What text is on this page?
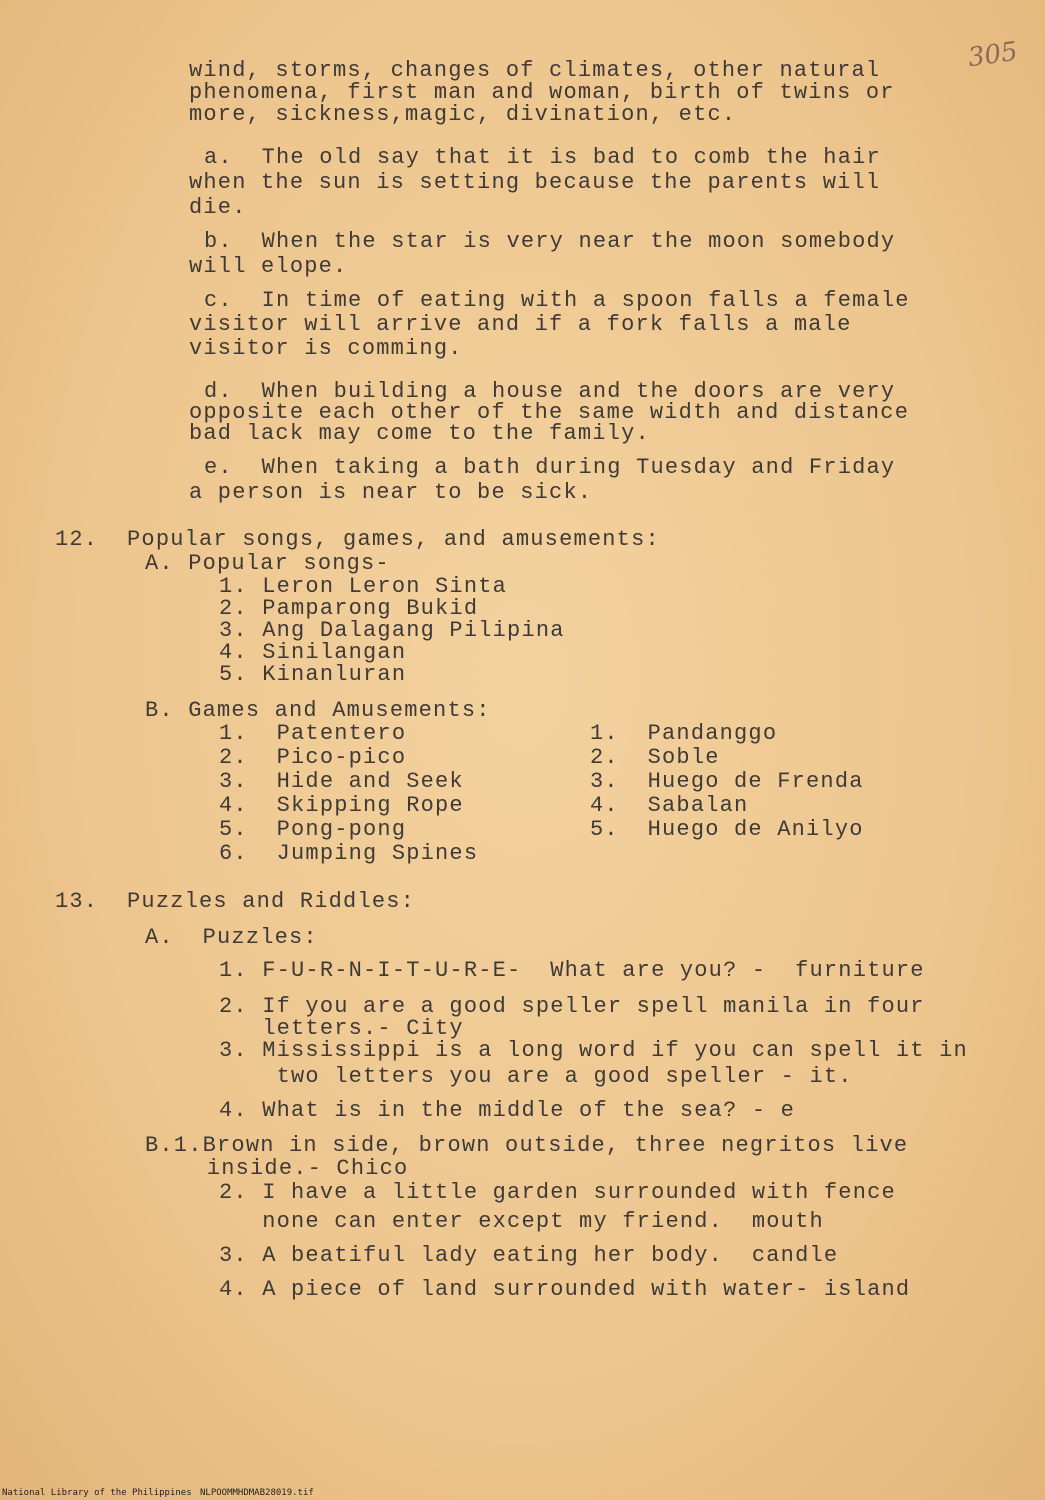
305
wind, storms, changes of climates, other natural
phenomena, first man and woman, birth of twins or
more, sickness,magic, divination, etc.
a.  The old say that it is bad to comb the hair
when the sun is setting because the parents will
die.
b.  When the star is very near the moon somebody
will elope.
c.  In time of eating with a spoon falls a female
visitor will arrive and if a fork falls a male
visitor is comming.
d.  When building a house and the doors are very
opposite each other of the same width and distance
bad lack may come to the family.
e.  When taking a bath during Tuesday and Friday
a person is near to be sick.
12.  Popular songs, games, and amusements:
A. Popular songs-
1. Leron Leron Sinta
2. Pamparong Bukid
3. Ang Dalagang Pilipina
4. Sinilangan
5. Kinanluran
B. Games and Amusements:
1.  Patentero
2.  Pico-pico
3.  Hide and Seek
4.  Skipping Rope
5.  Pong-pong
6.  Jumping Spines
1.  Pandanggo
2.  Soble
3.  Huego de Frenda
4.  Sabalan
5.  Huego de Anilyo
13.  Puzzles and Riddles:
A.  Puzzles:
1. F-U-R-N-I-T-U-R-E-  What are you? -  furniture
2. If you are a good speller spell manila in four
letters.- City
3. Mississippi is a long word if you can spell it in
two letters you are a good speller - it.
4. What is in the middle of the sea? - e
B.1.Brown in side, brown outside, three negritos live
inside.- Chico
2. I have a little garden surrounded with fence
none can enter except my friend.  mouth
3. A beatiful lady eating her body.  candle
4. A piece of land surrounded with water- island
National Library of the Philippines NLPOOMMHDMAB28019.tif
